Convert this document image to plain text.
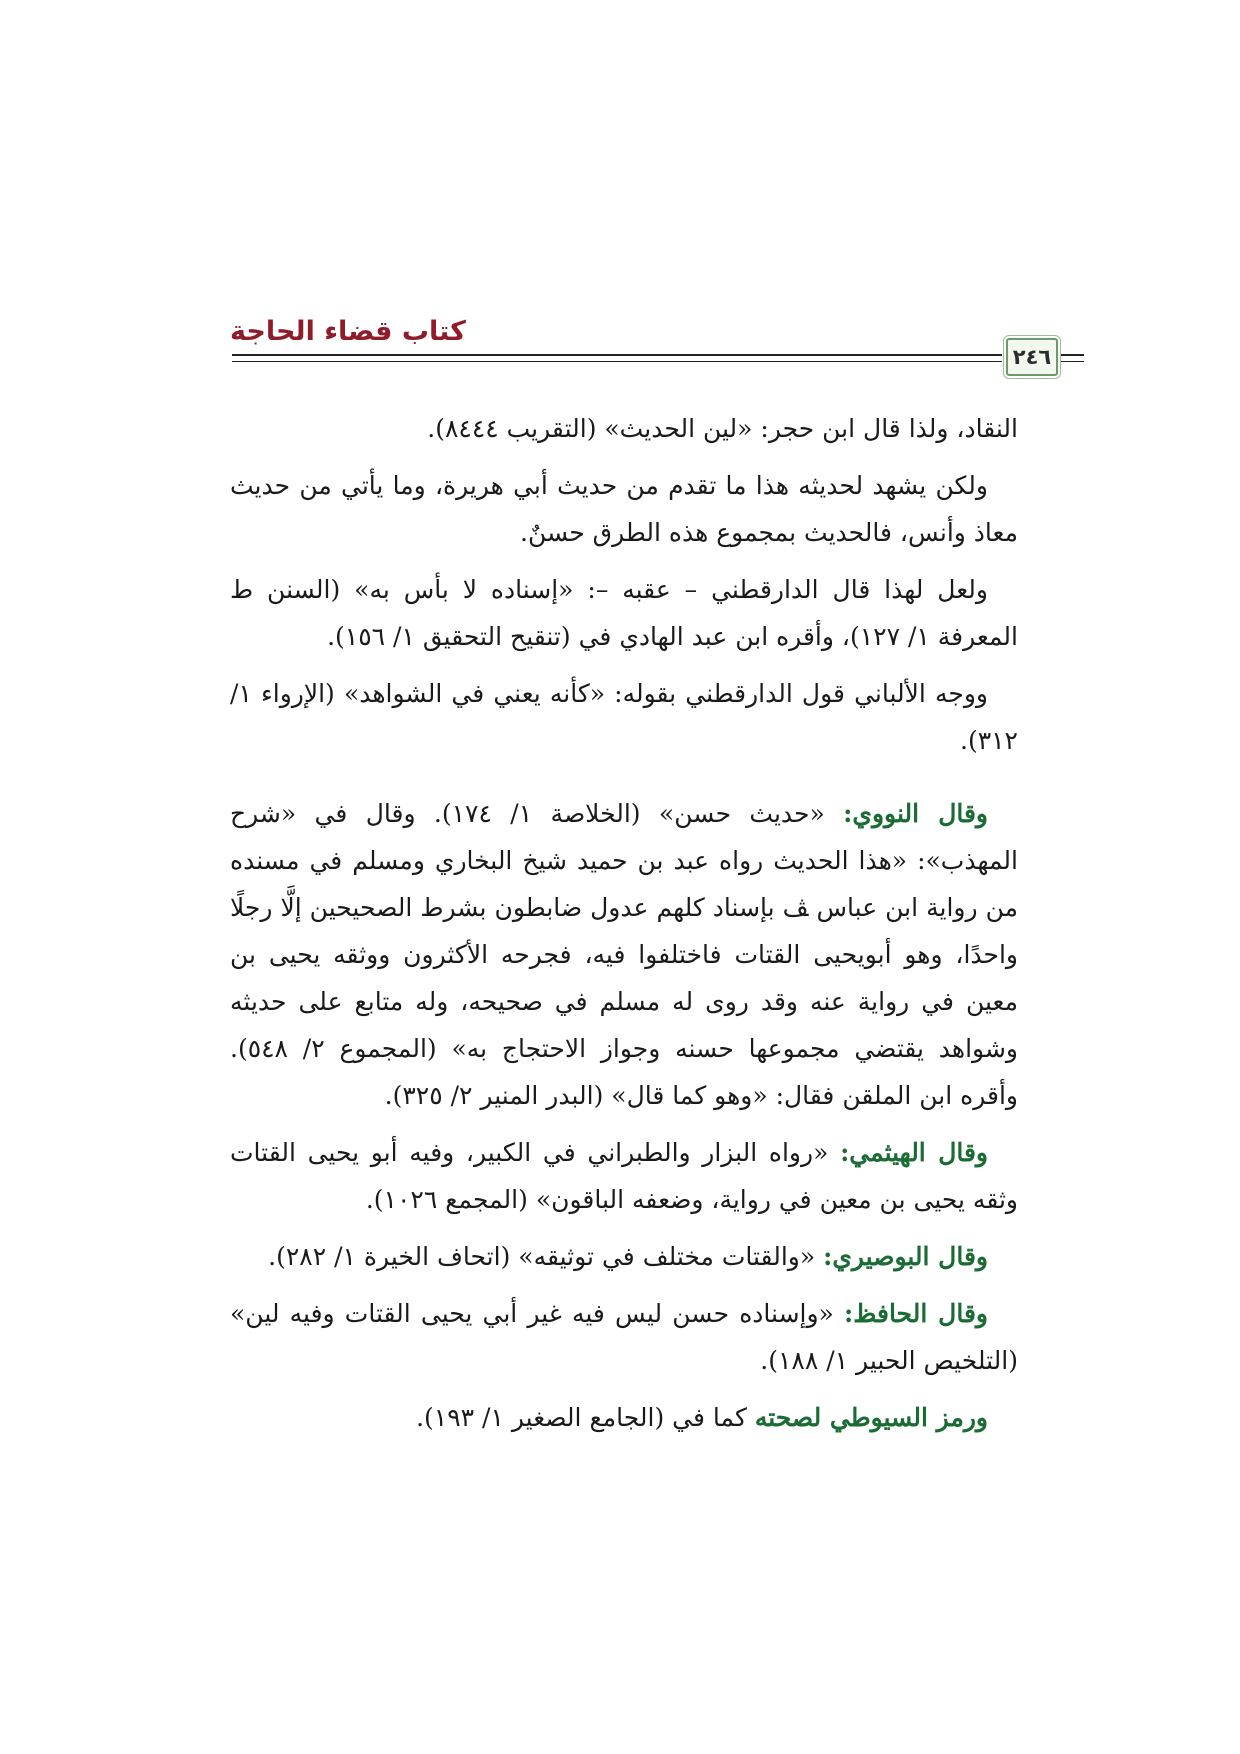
كتاب قضاء الحاجة
٢٤٦

النقاد، ولذا قال ابن حجر: «لين الحديث» (التقريب ٨٤٤٤).

ولكن يشهد لحديثه هذا ما تقدم من حديث أبي هريرة، وما يأتي من حديث معاذ وأنس، فالحديث بمجموع هذه الطرق حسنٌ.

ولعل لهذا قال الدارقطني – عقبه –: «إسناده لا بأس به» (السنن ط المعرفة ١/ ١٢٧)، وأقره ابن عبد الهادي في (تنقيح التحقيق ١/ ١٥٦).

ووجه الألباني قول الدارقطني بقوله: «كأنه يعني في الشواهد» (الإرواء ١/ ٣١٢).

وقال النووي: «حديث حسن» (الخلاصة ١/ ١٧٤). وقال في «شرح المهذب»: «هذا الحديث رواه عبد بن حميد شيخ البخاري ومسلم في مسنده من رواية ابن عباس ﭫ بإسناد كلهم عدول ضابطون بشرط الصحيحين إلَّا رجلًا واحدًا، وهو أبويحيى القتات فاختلفوا فيه، فجرحه الأكثرون ووثقه يحيى بن معين في رواية عنه وقد روى له مسلم في صحيحه، وله متابع على حديثه وشواهد يقتضي مجموعها حسنه وجواز الاحتجاج به» (المجموع ٢/ ٥٤٨). وأقره ابن الملقن فقال: «وهو كما قال» (البدر المنير ٢/ ٣٢٥).

وقال الهيثمي: «رواه البزار والطبراني في الكبير، وفيه أبو يحيى القتات وثقه يحيى بن معين في رواية، وضعفه الباقون» (المجمع ١٠٢٦).

وقال البوصيري: «والقتات مختلف في توثيقه» (اتحاف الخيرة ١/ ٢٨٢).

وقال الحافظ: «وإسناده حسن ليس فيه غير أبي يحيى القتات وفيه لين» (التلخيص الحبير ١/ ١٨٨).

ورمز السيوطي لصحته كما في (الجامع الصغير ١/ ١٩٣).
